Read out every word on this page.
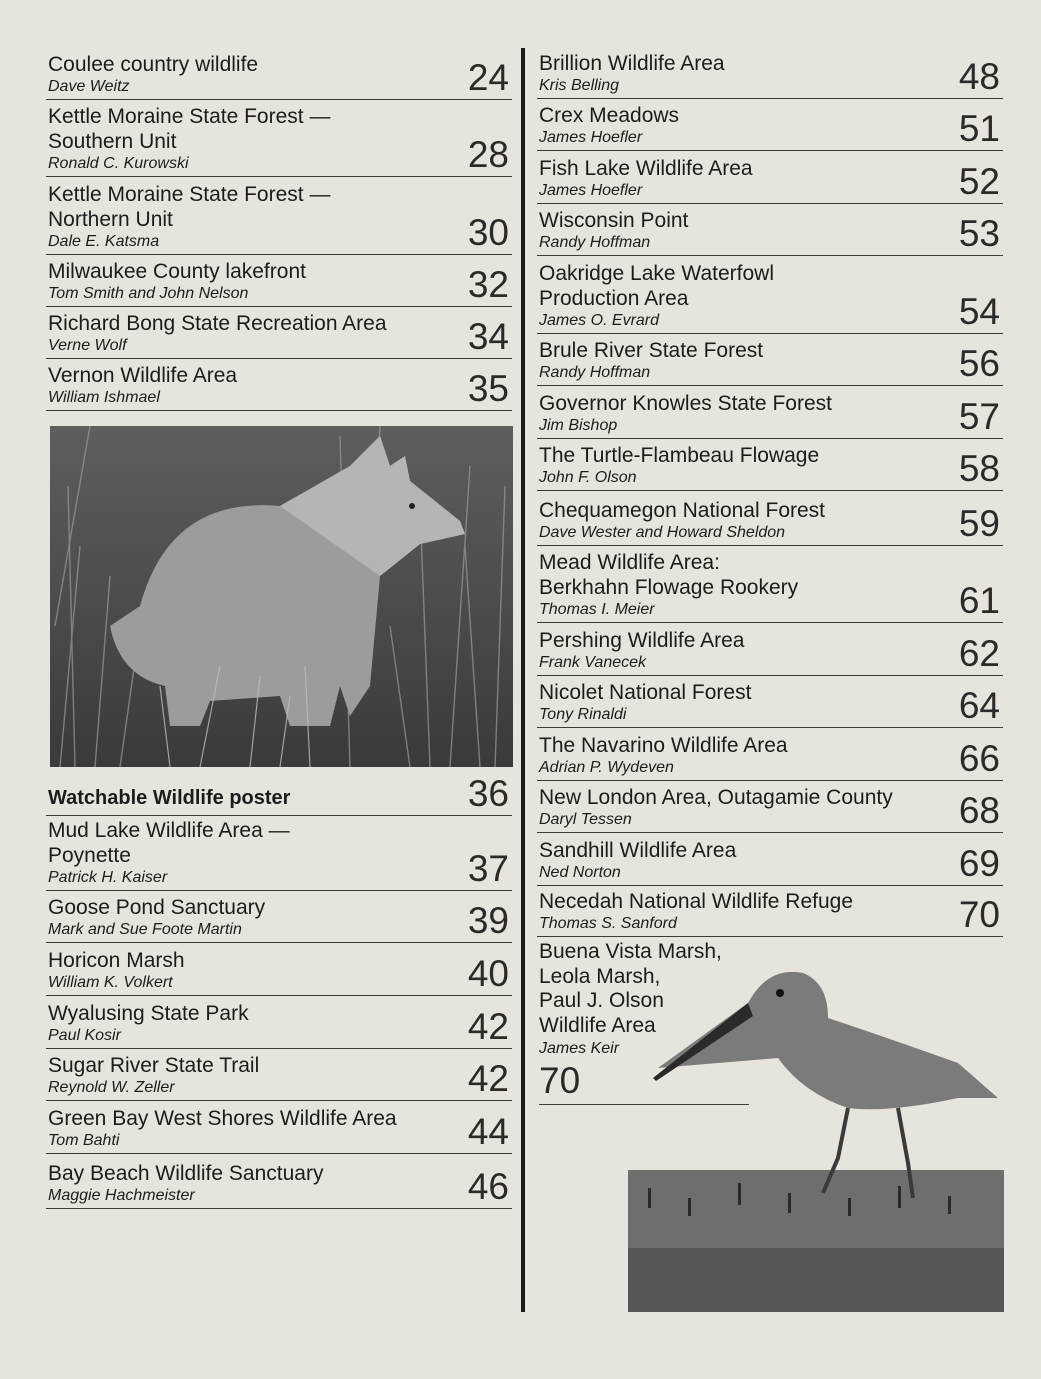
Coulee country wildlife
Dave Weitz	24
Kettle Moraine State Forest —
Southern Unit
Ronald C. Kurowski	28
Kettle Moraine State Forest —
Northern Unit
Dale E. Katsma	30
Milwaukee County lakefront
Tom Smith and John Nelson	32
Richard Bong State Recreation Area
Verne Wolf	34
Vernon Wildlife Area
William Ishmael	35
Watchable Wildlife poster	36
Mud Lake Wildlife Area —
Poynette
Patrick H. Kaiser	37
Goose Pond Sanctuary
Mark and Sue Foote Martin	39
Horicon Marsh
William K. Volkert	40
Wyalusing State Park
Paul Kosir	42
Sugar River State Trail
Reynold W. Zeller	42
Green Bay West Shores Wildlife Area
Tom Bahti	44
Bay Beach Wildlife Sanctuary
Maggie Hachmeister	46
Brillion Wildlife Area
Kris Belling	48
Crex Meadows
James Hoefler	51
Fish Lake Wildlife Area
James Hoefler	52
Wisconsin Point
Randy Hoffman	53
Oakridge Lake Waterfowl
Production Area
James O. Evrard	54
Brule River State Forest
Randy Hoffman	56
Governor Knowles State Forest
Jim Bishop	57
The Turtle-Flambeau Flowage
John F. Olson	58
Chequamegon National Forest
Dave Wester and Howard Sheldon	59
Mead Wildlife Area:
Berkhahn Flowage Rookery
Thomas I. Meier	61
Pershing Wildlife Area
Frank Vanecek	62
Nicolet National Forest
Tony Rinaldi	64
The Navarino Wildlife Area
Adrian P. Wydeven	66
New London Area, Outagamie County
Daryl Tessen	68
Sandhill Wildlife Area
Ned Norton	69
Necedah National Wildlife Refuge
Thomas S. Sanford	70
Buena Vista Marsh,
Leola Marsh,
Paul J. Olson
Wildlife Area
James Keir
70
